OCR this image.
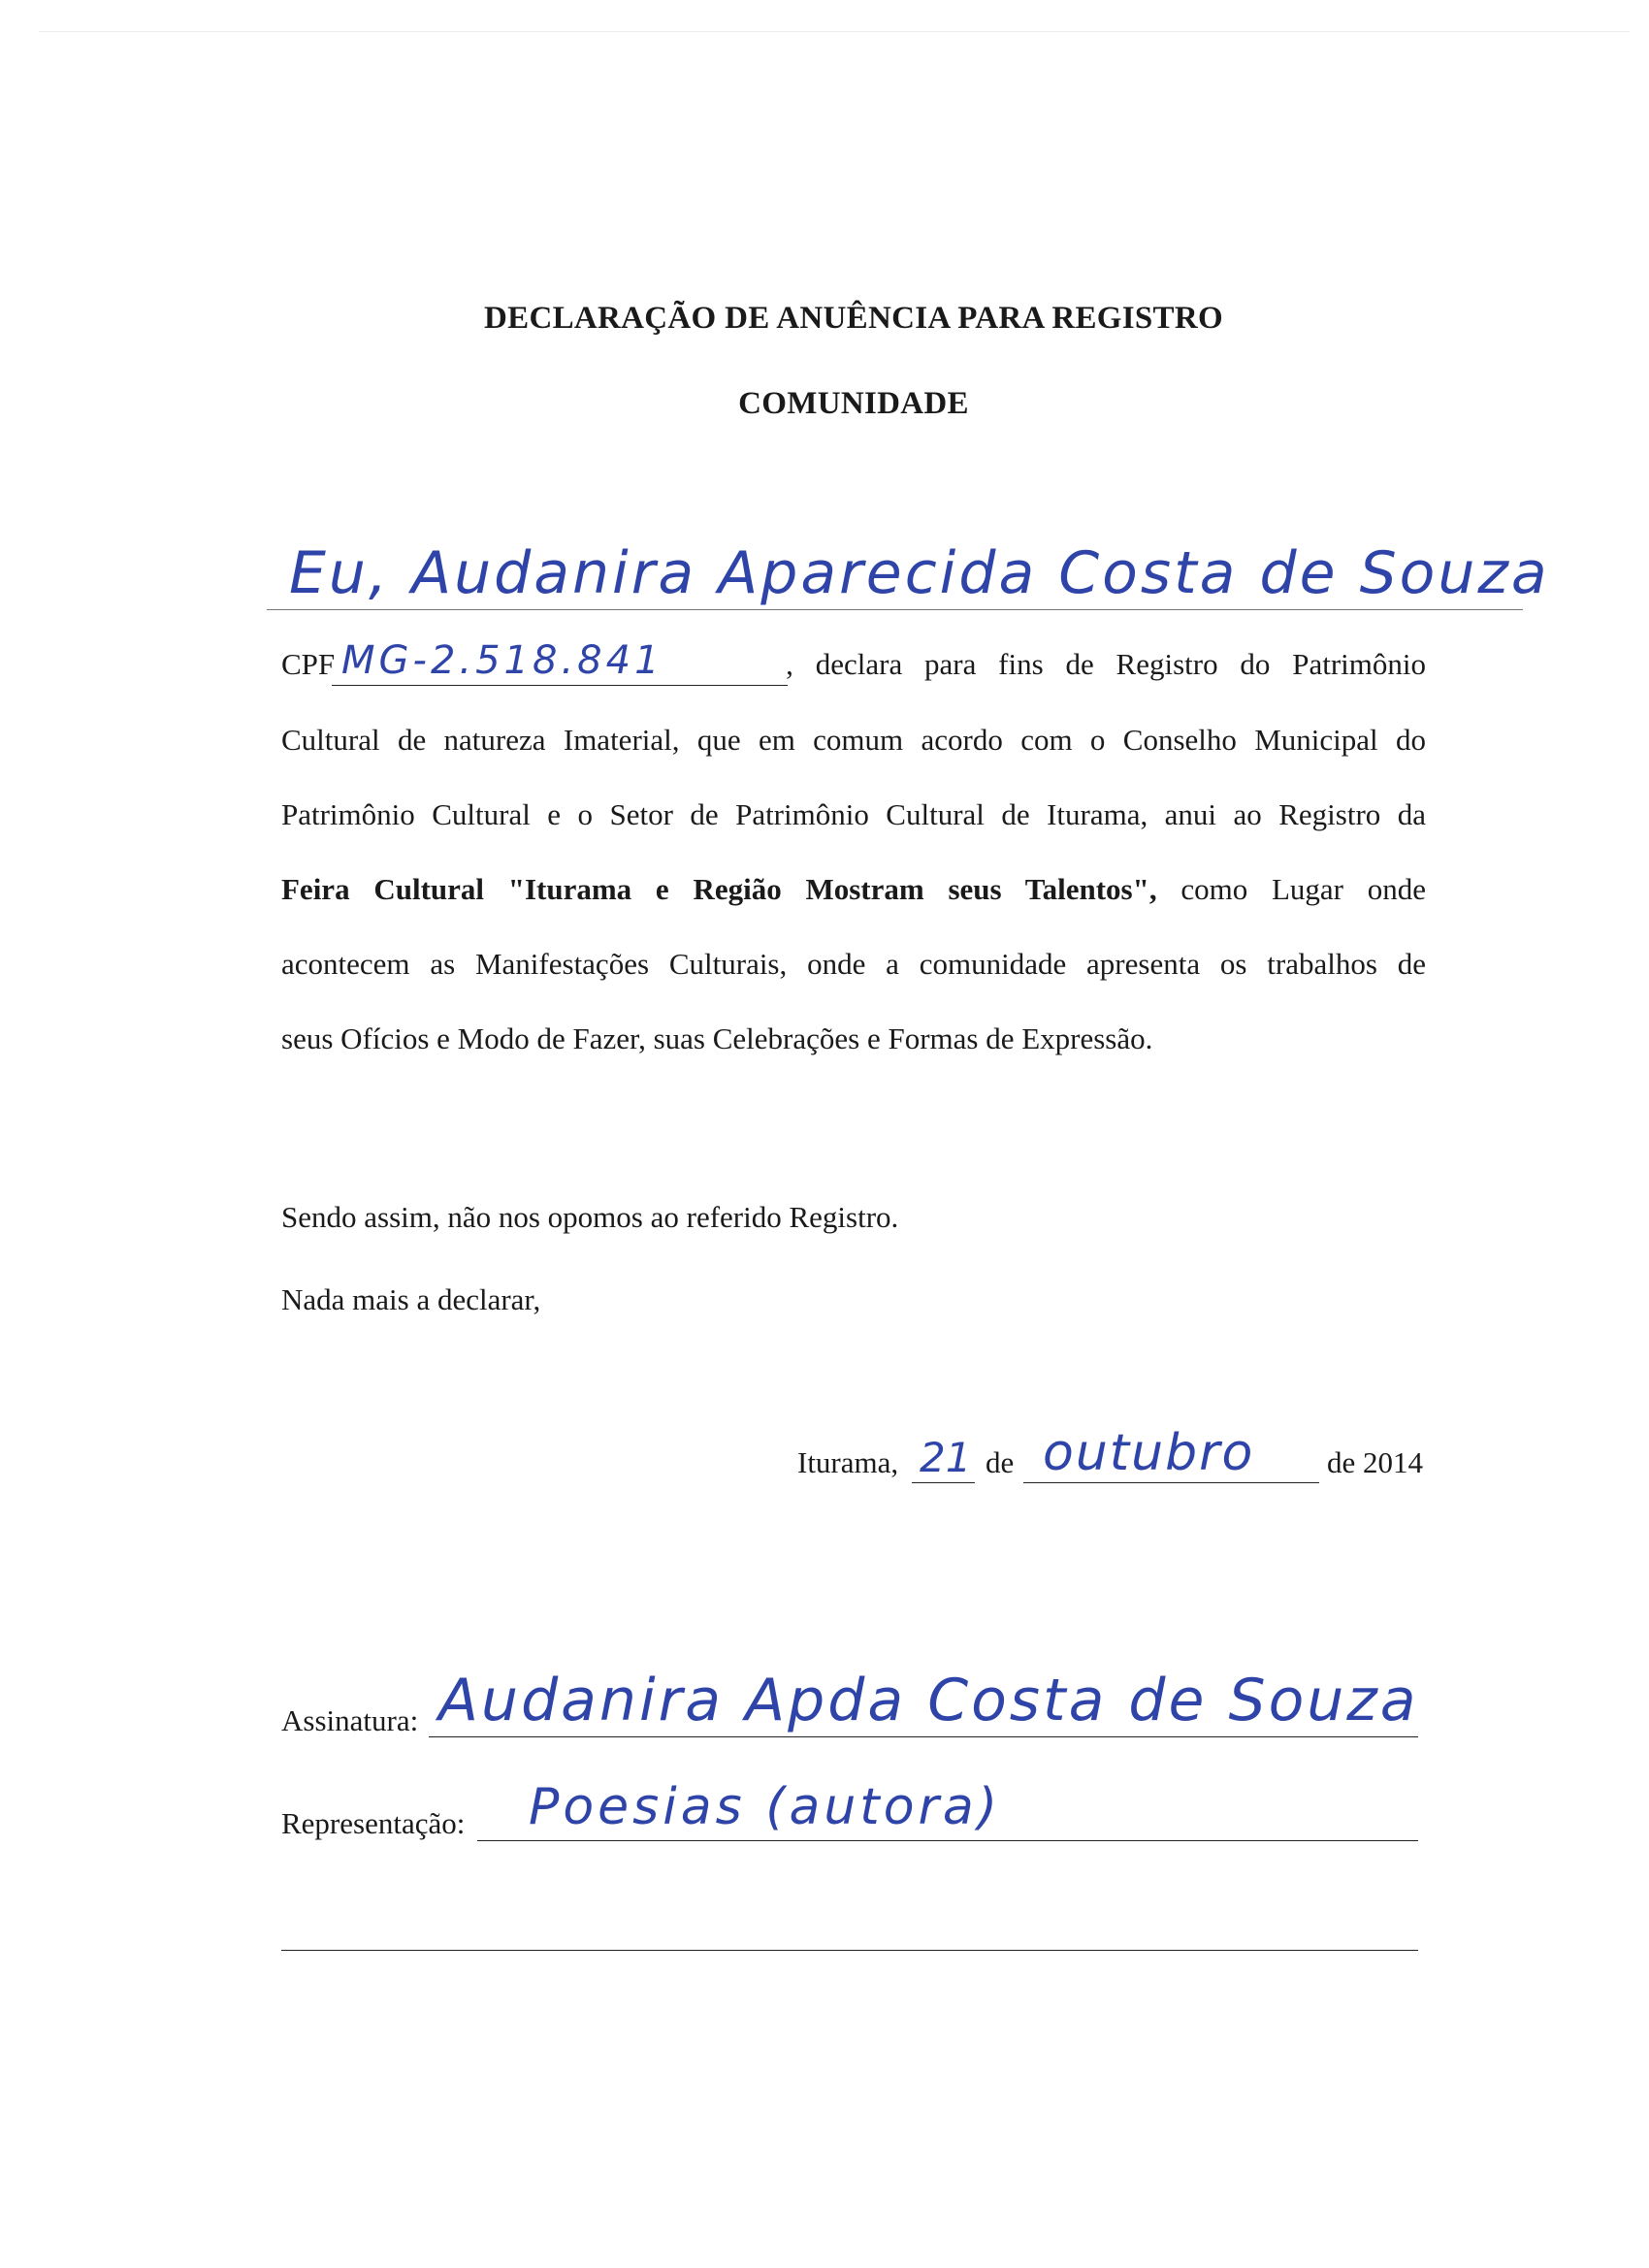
DECLARAÇÃO DE ANUÊNCIA PARA REGISTRO
COMUNIDADE
Eu, Audanira Aparecida Costa de Souza
CPF	, declara para fins de Registro do Patrimônio
MG-2.518.841
Cultural de natureza Imaterial, que em comum acordo com o Conselho Municipal do
Patrimônio Cultural e o Setor de Patrimônio Cultural de Iturama, anui ao Registro da
Feira Cultural "Iturama e Região Mostram seus Talentos", como Lugar onde
acontecem as Manifestações Culturais, onde a comunidade apresenta os trabalhos de
seus Ofícios e Modo de Fazer, suas Celebrações e Formas de Expressão.
Sendo assim, não nos opomos ao referido Registro.
Nada mais a declarar,
Iturama, 21 de outubro de 2014
Assinatura: Audanira Apda Costa de Souza
Representação: Poesias (autora)
